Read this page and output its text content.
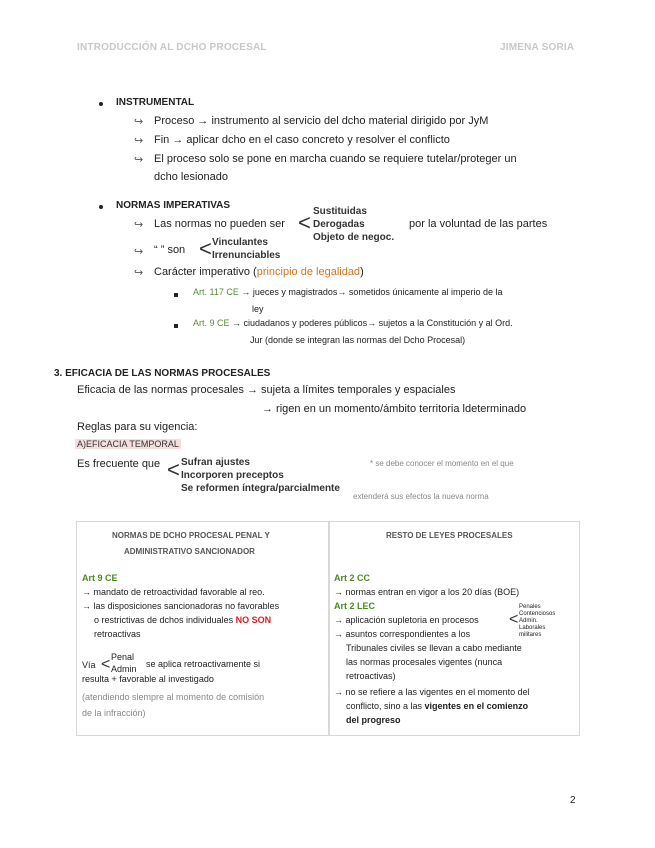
INTRODUCCIÓN AL DCHO PROCESAL	JIMENA SORIA
INSTRUMENTAL
↪ Proceso → instrumento al servicio del dcho material dirigido por JyM
↪ Fin → aplicar dcho en el caso concreto y resolver el conflicto
↪ El proceso solo se pone en marcha cuando se requiere tutelar/proteger un
dcho lesionado
NORMAS IMPERATIVAS
↪ Las normas no pueden ser < Sustituidas
Derogadas
Objeto de negoc.
por la voluntad de las partes
↪ “ ” son < Vinculantes
Irrenunciables
↪ Carácter imperativo (principio de legalidad)
Art. 117 CE → jueces y magistrados→ sometidos únicamente al imperio de la
ley
Art. 9 CE → ciudadanos y poderes públicos→ sujetos a la Constitución y al Ord.
Jur (donde se integran las normas del Dcho Procesal)
3. EFICACIA DE LAS NORMAS PROCESALES
Eficacia de las normas procesales → sujeta a límites temporales y espaciales
→ rigen en un momento/ámbito territoria ldeterminado
Reglas para su vigencia:
A)EFICACIA TEMPORAL
Es frecuente que < Sufran ajustes
Incorporen preceptos
Se reformen íntegra/parcialmente
* se debe conocer el momento en el que
extenderá sus efectos la nueva norma
NORMAS DE DCHO PROCESAL PENAL Y
ADMINISTRATIVO SANCIONADOR
RESTO DE LEYES PROCESALES
Art 9 CE
→ mandato de retroactividad favorable al reo.
→ las disposiciones sancionadoras no favorables
o restrictivas de dchos individuales NO SON
retroactivas
Vía < Penal
Admin se aplica retroactivamente si
resulta + favorable al investigado
(atendiendo siempre al momento de comisión
de la infracción)
Art 2 CC
→ normas entran en vigor a los 20 días (BOE)
Art 2 LEC
→ aplicación supletoria en procesos <
Penales
Contenciosos
Admin.
Laborales
militares
→ asuntos correspondientes a los
Tribunales civiles se llevan a cabo mediante
las normas procesales vigentes (nunca
retroactivas)
→ no se refiere a las vigentes en el momento del
conflicto, sino a las vigentes en el comienzo
del progreso
2
